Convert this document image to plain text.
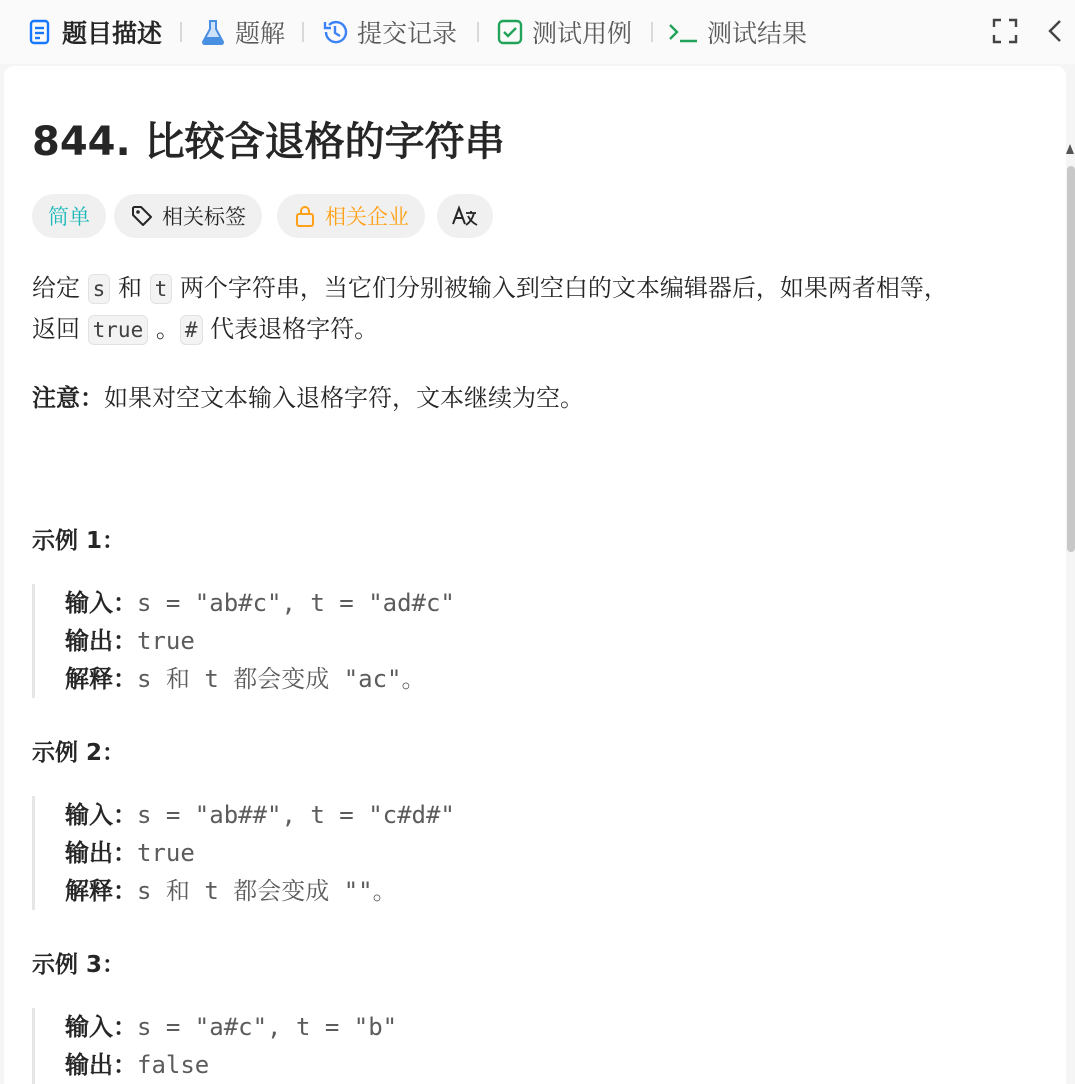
题目描述	题解	提交记录	测试用例	测试结果
844. 比较含退格的字符串
简单	相关标签	相关企业
给定 s 和 t 两个字符串，当它们分别被输入到空白的文本编辑器后，如果两者相等，
返回 true 。 # 代表退格字符。
注意：如果对空文本输入退格字符，文本继续为空。
示例 1：
输入：s = "ab#c", t = "ad#c"
输出：true
解释：s 和 t 都会变成 "ac"。
示例 2：
输入：s = "ab##", t = "c#d#"
输出：true
解释：s 和 t 都会变成 ""。
示例 3：
输入：s = "a#c", t = "b"
输出：false
